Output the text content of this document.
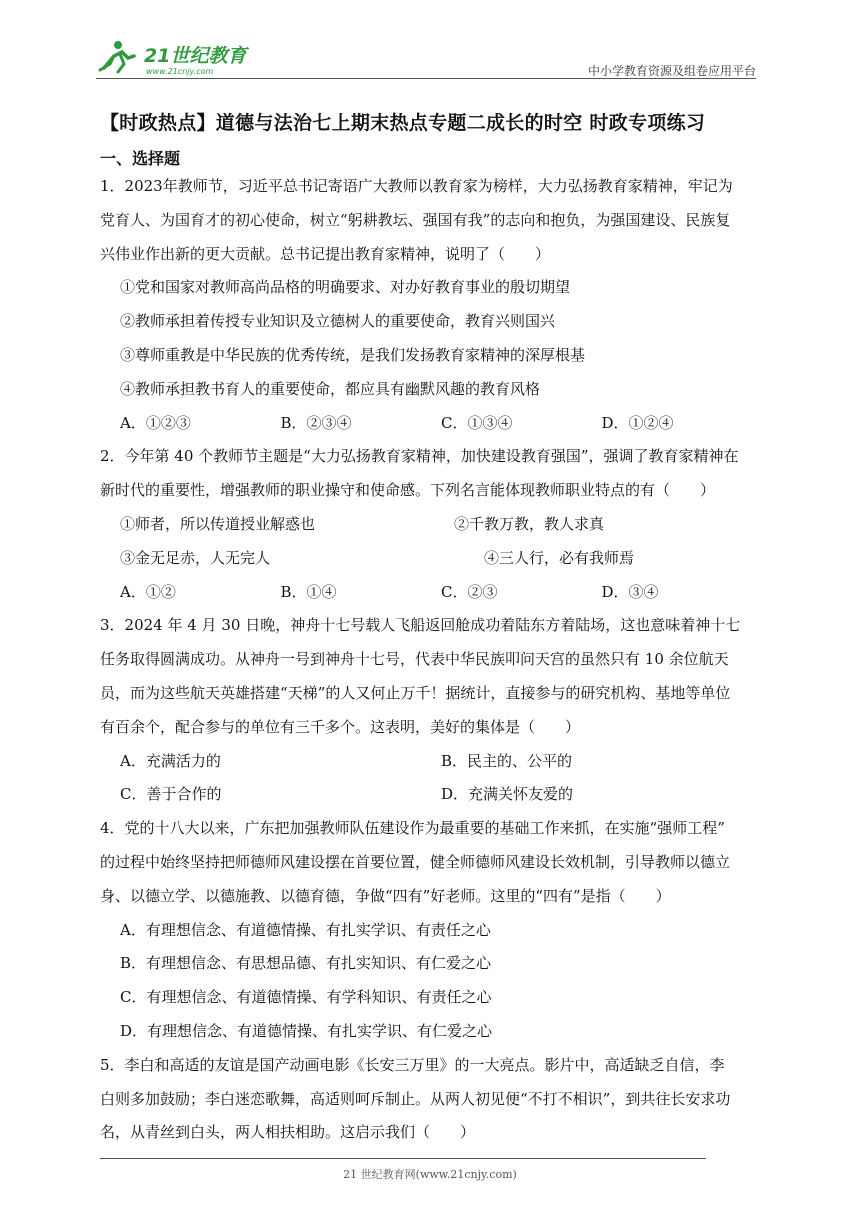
21世纪教育
www.21cnjy.com	中小学教育资源及组卷应用平台
【时政热点】道德与法治七上期末热点专题二成长的时空 时政专项练习
一、选择题
1．2023年教师节，习近平总书记寄语广大教师以教育家为榜样，大力弘扬教育家精神，牢记为
党育人、为国育才的初心使命，树立“躬耕教坛、强国有我”的志向和抱负，为强国建设、民族复
兴伟业作出新的更大贡献。总书记提出教育家精神，说明了（　　）
①党和国家对教师高尚品格的明确要求、对办好教育事业的殷切期望
②教师承担着传授专业知识及立德树人的重要使命，教育兴则国兴
③尊师重教是中华民族的优秀传统，是我们发扬教育家精神的深厚根基
④教师承担教书育人的重要使命，都应具有幽默风趣的教育风格
A．①②③	B．②③④	C．①③④	D．①②④
2．今年第 40 个教师节主题是“大力弘扬教育家精神，加快建设教育强国”，强调了教育家精神在
新时代的重要性，增强教师的职业操守和使命感。下列名言能体现教师职业特点的有（　　）
①师者，所以传道授业解惑也	②千教万教，教人求真
③金无足赤，人无完人	④三人行，必有我师焉
A．①②	B．①④	C．②③	D．③④
3．2024 年 4 月 30 日晚，神舟十七号载人飞船返回舱成功着陆东方着陆场，这也意味着神十七
任务取得圆满成功。从神舟一号到神舟十七号，代表中华民族叩问天宫的虽然只有 10 余位航天
员，而为这些航天英雄搭建“天梯”的人又何止万千！据统计，直接参与的研究机构、基地等单位
有百余个，配合参与的单位有三千多个。这表明，美好的集体是（　　）
A．充满活力的	B．民主的、公平的
C．善于合作的	D．充满关怀友爱的
4．党的十八大以来，广东把加强教师队伍建设作为最重要的基础工作来抓，在实施“强师工程”
的过程中始终坚持把师德师风建设摆在首要位置，健全师德师风建设长效机制，引导教师以德立
身、以德立学、以德施教、以德育德，争做“四有”好老师。这里的“四有”是指（　　）
A．有理想信念、有道德情操、有扎实学识、有责任之心
B．有理想信念、有思想品德、有扎实知识、有仁爱之心
C．有理想信念、有道德情操、有学科知识、有责任之心
D．有理想信念、有道德情操、有扎实学识、有仁爱之心
5．李白和高适的友谊是国产动画电影《长安三万里》的一大亮点。影片中，高适缺乏自信，李
白则多加鼓励；李白迷恋歌舞，高适则呵斥制止。从两人初见便“不打不相识”，到共往长安求功
名，从青丝到白头，两人相扶相助。这启示我们（　　）
21 世纪教育网(www.21cnjy.com)
